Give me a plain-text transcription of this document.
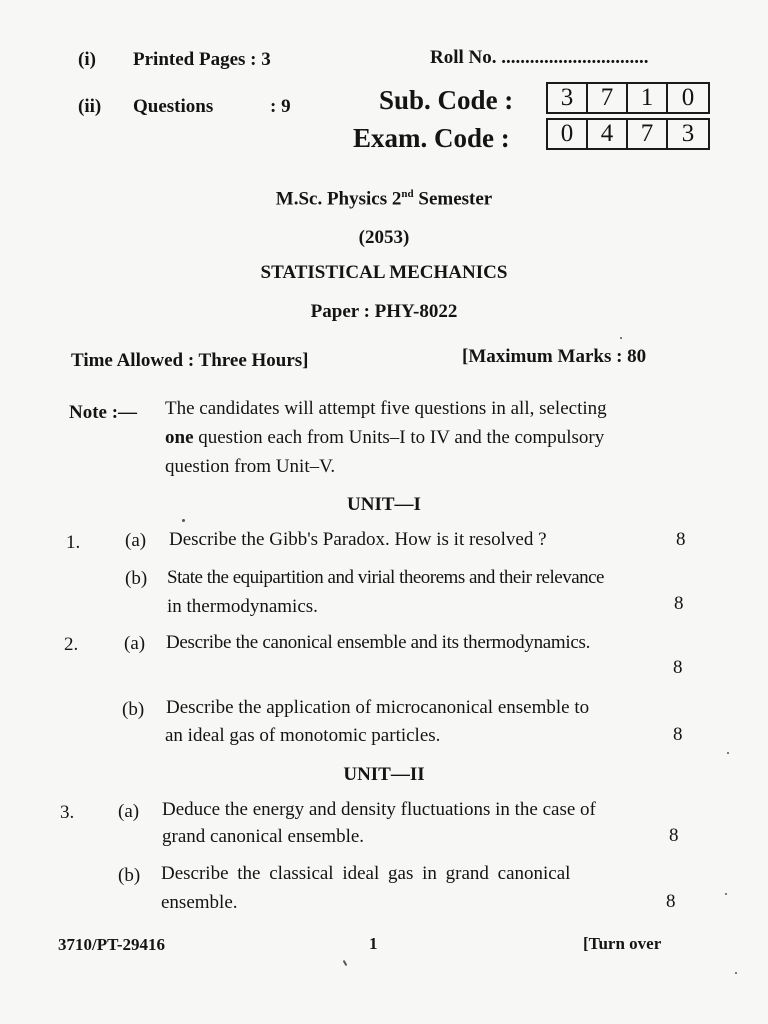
(i) Printed Pages : 3	Roll No. ...............................
(ii) Questions	: 9	Sub. Code :	3	7	1	0
Exam. Code :	0	4	7	3
M.Sc. Physics 2nd Semester
(2053)
STATISTICAL MECHANICS
Paper : PHY-8022
Time Allowed : Three Hours]	[Maximum Marks : 80
Note :— The candidates will attempt five questions in all, selecting
one question each from Units–I to IV and the compulsory
question from Unit–V.
UNIT—I
1. (a) Describe the Gibb's Paradox. How is it resolved ?	8
(b) State the equipartition and virial theorems and their relevance
in thermodynamics.	8
2. (a) Describe the canonical ensemble and its thermodynamics.
8
(b) Describe the application of microcanonical ensemble to
an ideal gas of monotomic particles.	8
UNIT—II
3. (a) Deduce the energy and density fluctuations in the case of
grand canonical ensemble.	8
(b) Describe the classical ideal gas in grand canonical
ensemble.	8
3710/PT-29416	1	[Turn over
